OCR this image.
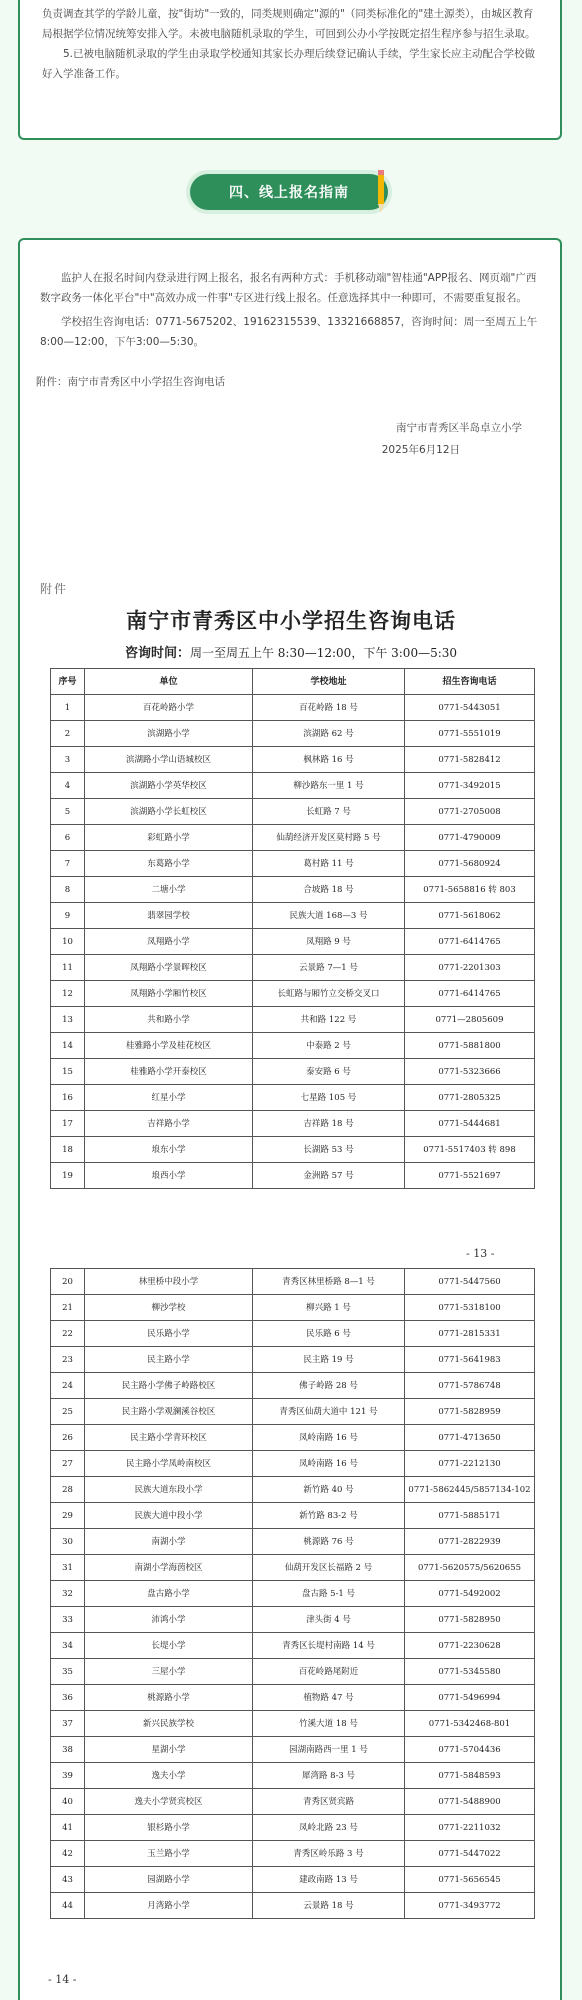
负责调查其学的学龄儿童，按"街坊"一致的，同类规则确定"源的"（同类标准化的"建土源类），由城区教育局根据学位情况统筹安排入学。未被电脑随机录取的学生，可回到公办小学按既定招生程序参与招生录取。

5.已被电脑随机录取的学生由录取学校通知其家长办理后续登记确认手续，学生家长应主动配合学校做好入学准备工作。

四、线上报名指南

监护人在报名时间内登录进行网上报名，报名有两种方式：手机移动端"智桂通"APP报名、网页端"广西数字政务一体化平台"中"高效办成一件事"专区进行线上报名。任意选择其中一种即可，不需要重复报名。

学校招生咨询电话：0771-5675202、19162315539、13321668857，咨询时间：周一至周五上午8:00—12:00，下午3:00—5:30。

附件：南宁市青秀区中小学招生咨询电话

南宁市青秀区半岛卓立小学

2025年6月12日

附件
南宁市青秀区中小学招生咨询电话
咨询时间：周一至周五上午 8:30—12:00，下午 3:00—5:30
序号	单位	学校地址	招生咨询电话
1	百花岭路小学	百花岭路 18 号	0771-5443051
2	滨湖路小学	滨湖路 62 号	0771-5551019
3	滨湖路小学山语城校区	枫林路 16 号	0771-5828412
4	滨湖路小学英华校区	柳沙路东一里 1 号	0771-3492015
5	滨湖路小学长虹校区	长虹路 7 号	0771-2705008
6	彩虹路小学	仙葫经济开发区莫村路 5 号	0771-4790009
7	东葛路小学	葛村路 11 号	0771-5680924
8	二塘小学	合坡路 18 号	0771-5658816 转 803
9	翡翠园学校	民族大道 168—3 号	0771-5618062
10	凤翔路小学	凤翔路 9 号	0771-6414765
11	凤翔路小学景晖校区	云景路 7—1 号	0771-2201303
12	凤翔路小学厢竹校区	长虹路与厢竹立交桥交叉口	0771-6414765
13	共和路小学	共和路 122 号	0771—2805609
14	桂雅路小学及桂花校区	中泰路 2 号	0771-5881800
15	桂雅路小学开泰校区	泰安路 6 号	0771-5323666
16	红星小学	七星路 105 号	0771-2805325
17	吉祥路小学	吉祥路 18 号	0771-5444681
18	埌东小学	长湖路 53 号	0771-5517403 转 898
19	埌西小学	金洲路 57 号	0771-5521697
- 13 -
20	林里桥中段小学	青秀区林里桥路 8—1 号	0771-5447560
21	柳沙学校	柳兴路 1 号	0771-5318100
22	民乐路小学	民乐路 6 号	0771-2815331
23	民主路小学	民主路 19 号	0771-5641983
24	民主路小学佛子岭路校区	佛子岭路 28 号	0771-5786748
25	民主路小学观澜溪谷校区	青秀区仙葫大道中 121 号	0771-5828959
26	民主路小学青环校区	凤岭南路 16 号	0771-4713650
27	民主路小学凤岭南校区	凤岭南路 16 号	0771-2212130
28	民族大道东段小学	新竹路 40 号	0771-5862445/5857134-102
29	民族大道中段小学	新竹路 83-2 号	0771-5885171
30	南湖小学	桃源路 76 号	0771-2822939
31	南湖小学海茵校区	仙葫开发区长福路 2 号	0771-5620575/5620655
32	盘古路小学	盘古路 5-1 号	0771-5492002
33	沛鸿小学	津头街 4 号	0771-5828950
34	长堤小学	青秀区长堤村南路 14 号	0771-2230628
35	三屋小学	百花岭路尾附近	0771-5345580
36	桃源路小学	植物路 47 号	0771-5496994
37	新兴民族学校	竹溪大道 18 号	0771-5342468-801
38	星湖小学	园湖南路西一里 1 号	0771-5704436
39	逸夫小学	犀湾路 8-3 号	0771-5848593
40	逸夫小学贤宾校区	青秀区贤宾路	0771-5488900
41	银杉路小学	凤岭北路 23 号	0771-2211032
42	玉兰路小学	青秀区岭乐路 3 号	0771-5447022
43	园湖路小学	建政南路 13 号	0771-5656545
44	月湾路小学	云景路 18 号	0771-3493772
- 14 -
